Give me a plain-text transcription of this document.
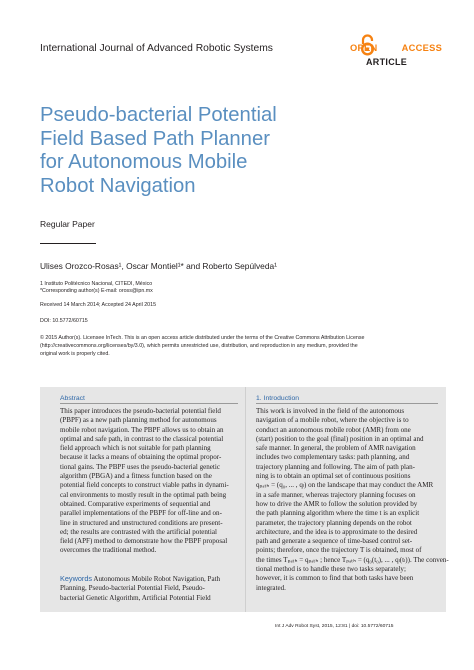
International Journal of Advanced Robotic Systems	OPEN	ACCESS
ARTICLE
Pseudo-bacterial Potential
Field Based Path Planner
for Autonomous Mobile
Robot Navigation
Regular Paper
Ulises Orozco-Rosas¹, Oscar Montiel¹* and Roberto Sepúlveda¹
1 Instituto Politécnico Nacional, CITEDI, México
*Corresponding author(s) E-mail: oross@ipn.mx
Received 14 March 2014; Accepted 24 April 2015
DOI: 10.5772/60715
© 2015 Author(s). Licensee InTech. This is an open access article distributed under the terms of the Creative Commons Attribution License
(http://creativecommons.org/licenses/by/3.0), which permits unrestricted use, distribution, and reproduction in any medium, provided the
original work is properly cited.
Abstract	1. Introduction
This paper introduces the pseudo-bacterial potential field
(PBPF) as a new path planning method for autonomous
mobile robot navigation. The PBPF allows us to obtain an
optimal and safe path, in contrast to the classical potential
field approach which is not suitable for path planning
because it lacks a means of obtaining the optimal propor-
tional gains. The PBPF uses the pseudo-bacterial genetic
algorithm (PBGA) and a fitness function based on the
potential field concepts to construct viable paths in dynami-
cal environments to mostly result in the optimal path being
obtained. Comparative experiments of sequential and
parallel implementations of the PBPF for off-line and on-
line in structured and unstructured conditions are present-
ed; the results are contrasted with the artificial potential
field (APF) method to demonstrate how the PBPF proposal
overcomes the traditional method.
Keywords Autonomous Mobile Robot Navigation, Path
Planning, Pseudo-bacterial Potential Field, Pseudo-
bacterial Genetic Algorithm, Artificial Potential Field
This work is involved in the field of the autonomous
navigation of a mobile robot, where the objective is to
conduct an autonomous mobile robot (AMR) from one
(start) position to the goal (final) position in an optimal and
safe manner. In general, the problem of AMR navigation
includes two complementary tasks: path planning, and
trajectory planning and following. The aim of path plan-
ning is to obtain an optimal set of continuous positions
qₚₐₜₕ = (q₀, ... , qₗ) on the landscape that may conduct the AMR
in a safe manner, whereas trajectory planning focuses on
how to drive the AMR to follow the solution provided by
the path planning algorithm where the time t is an explicit
parameter, the trajectory planning depends on the robot
architecture, and the idea is to approximate to the desired
path and generate a sequence of time-based control set-
points; therefore, once the trajectory T is obtained, most of
the times Tₚₐₜₕ = qₚₐₜₕ ; hence Tₚₐₜₕ = (q₀(t₀), ... , qₗ(tₗ)). The conven-
tional method is to handle these two tasks separately;
however, it is common to find that both tasks have been
integrated.
Int J Adv Robot Syst, 2015, 12:81 | doi: 10.5772/60715
